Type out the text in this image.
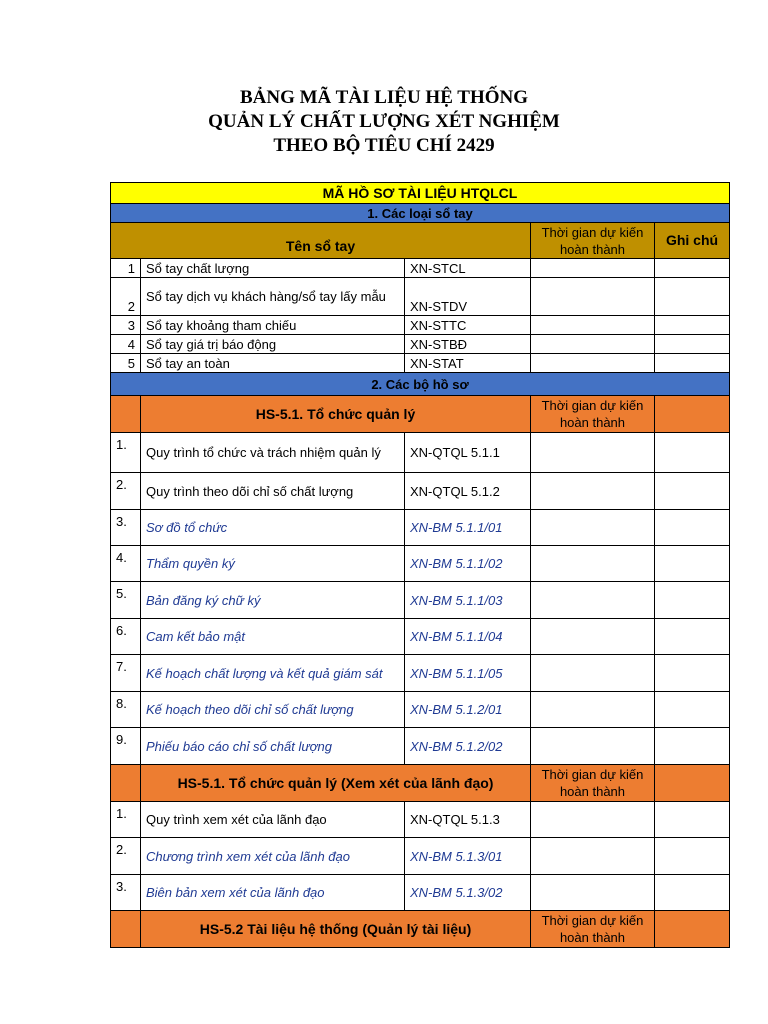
BẢNG MÃ TÀI LIỆU HỆ THỐNG
QUẢN LÝ CHẤT LƯỢNG XÉT NGHIỆM
THEO BỘ TIÊU CHÍ 2429
MÃ HỒ SƠ TÀI LIỆU HTQLCL				
1. Các loại sổ tay				
Tên sổ tay			Thời gian dự kiến hoàn thành	Ghi chú
1	Sổ tay chất lượng	XN-STCL		
2	Sổ tay dịch vụ khách hàng/sổ tay lấy mẫu	XN-STDV		
3	Sổ tay khoảng tham chiếu	XN-STTC		
4	Sổ tay giá trị báo động	XN-STBĐ		
5	Sổ tay an toàn	XN-STAT		
2. Các bộ hồ sơ				
	HS-5.1. Tổ chức quản lý		Thời gian dự kiến hoàn thành	
1.	Quy trình tổ chức và trách nhiệm quản lý	XN-QTQL 5.1.1		
2.	Quy trình theo dõi chỉ số chất lượng	XN-QTQL 5.1.2		
3.	Sơ đồ tổ chức	XN-BM 5.1.1/01		
4.	Thẩm quyền ký	XN-BM 5.1.1/02		
5.	Bản đăng ký chữ ký	XN-BM 5.1.1/03		
6.	Cam kết bảo mật	XN-BM 5.1.1/04		
7.	Kế hoạch chất lượng và kết quả giám sát	XN-BM 5.1.1/05		
8.	Kế hoạch theo dõi chỉ số chất lượng	XN-BM 5.1.2/01		
9.	Phiếu báo cáo chỉ số chất lượng	XN-BM 5.1.2/02		
	HS-5.1. Tổ chức quản lý (Xem xét của lãnh đạo)		Thời gian dự kiến hoàn thành	
1.	Quy trình xem xét của lãnh đạo	XN-QTQL 5.1.3		
2.	Chương trình xem xét của lãnh đạo	XN-BM 5.1.3/01		
3.	Biên bản xem xét của lãnh đạo	XN-BM 5.1.3/02		
	HS-5.2 Tài liệu hệ thống (Quản lý tài liệu)		Thời gian dự kiến hoàn thành	
